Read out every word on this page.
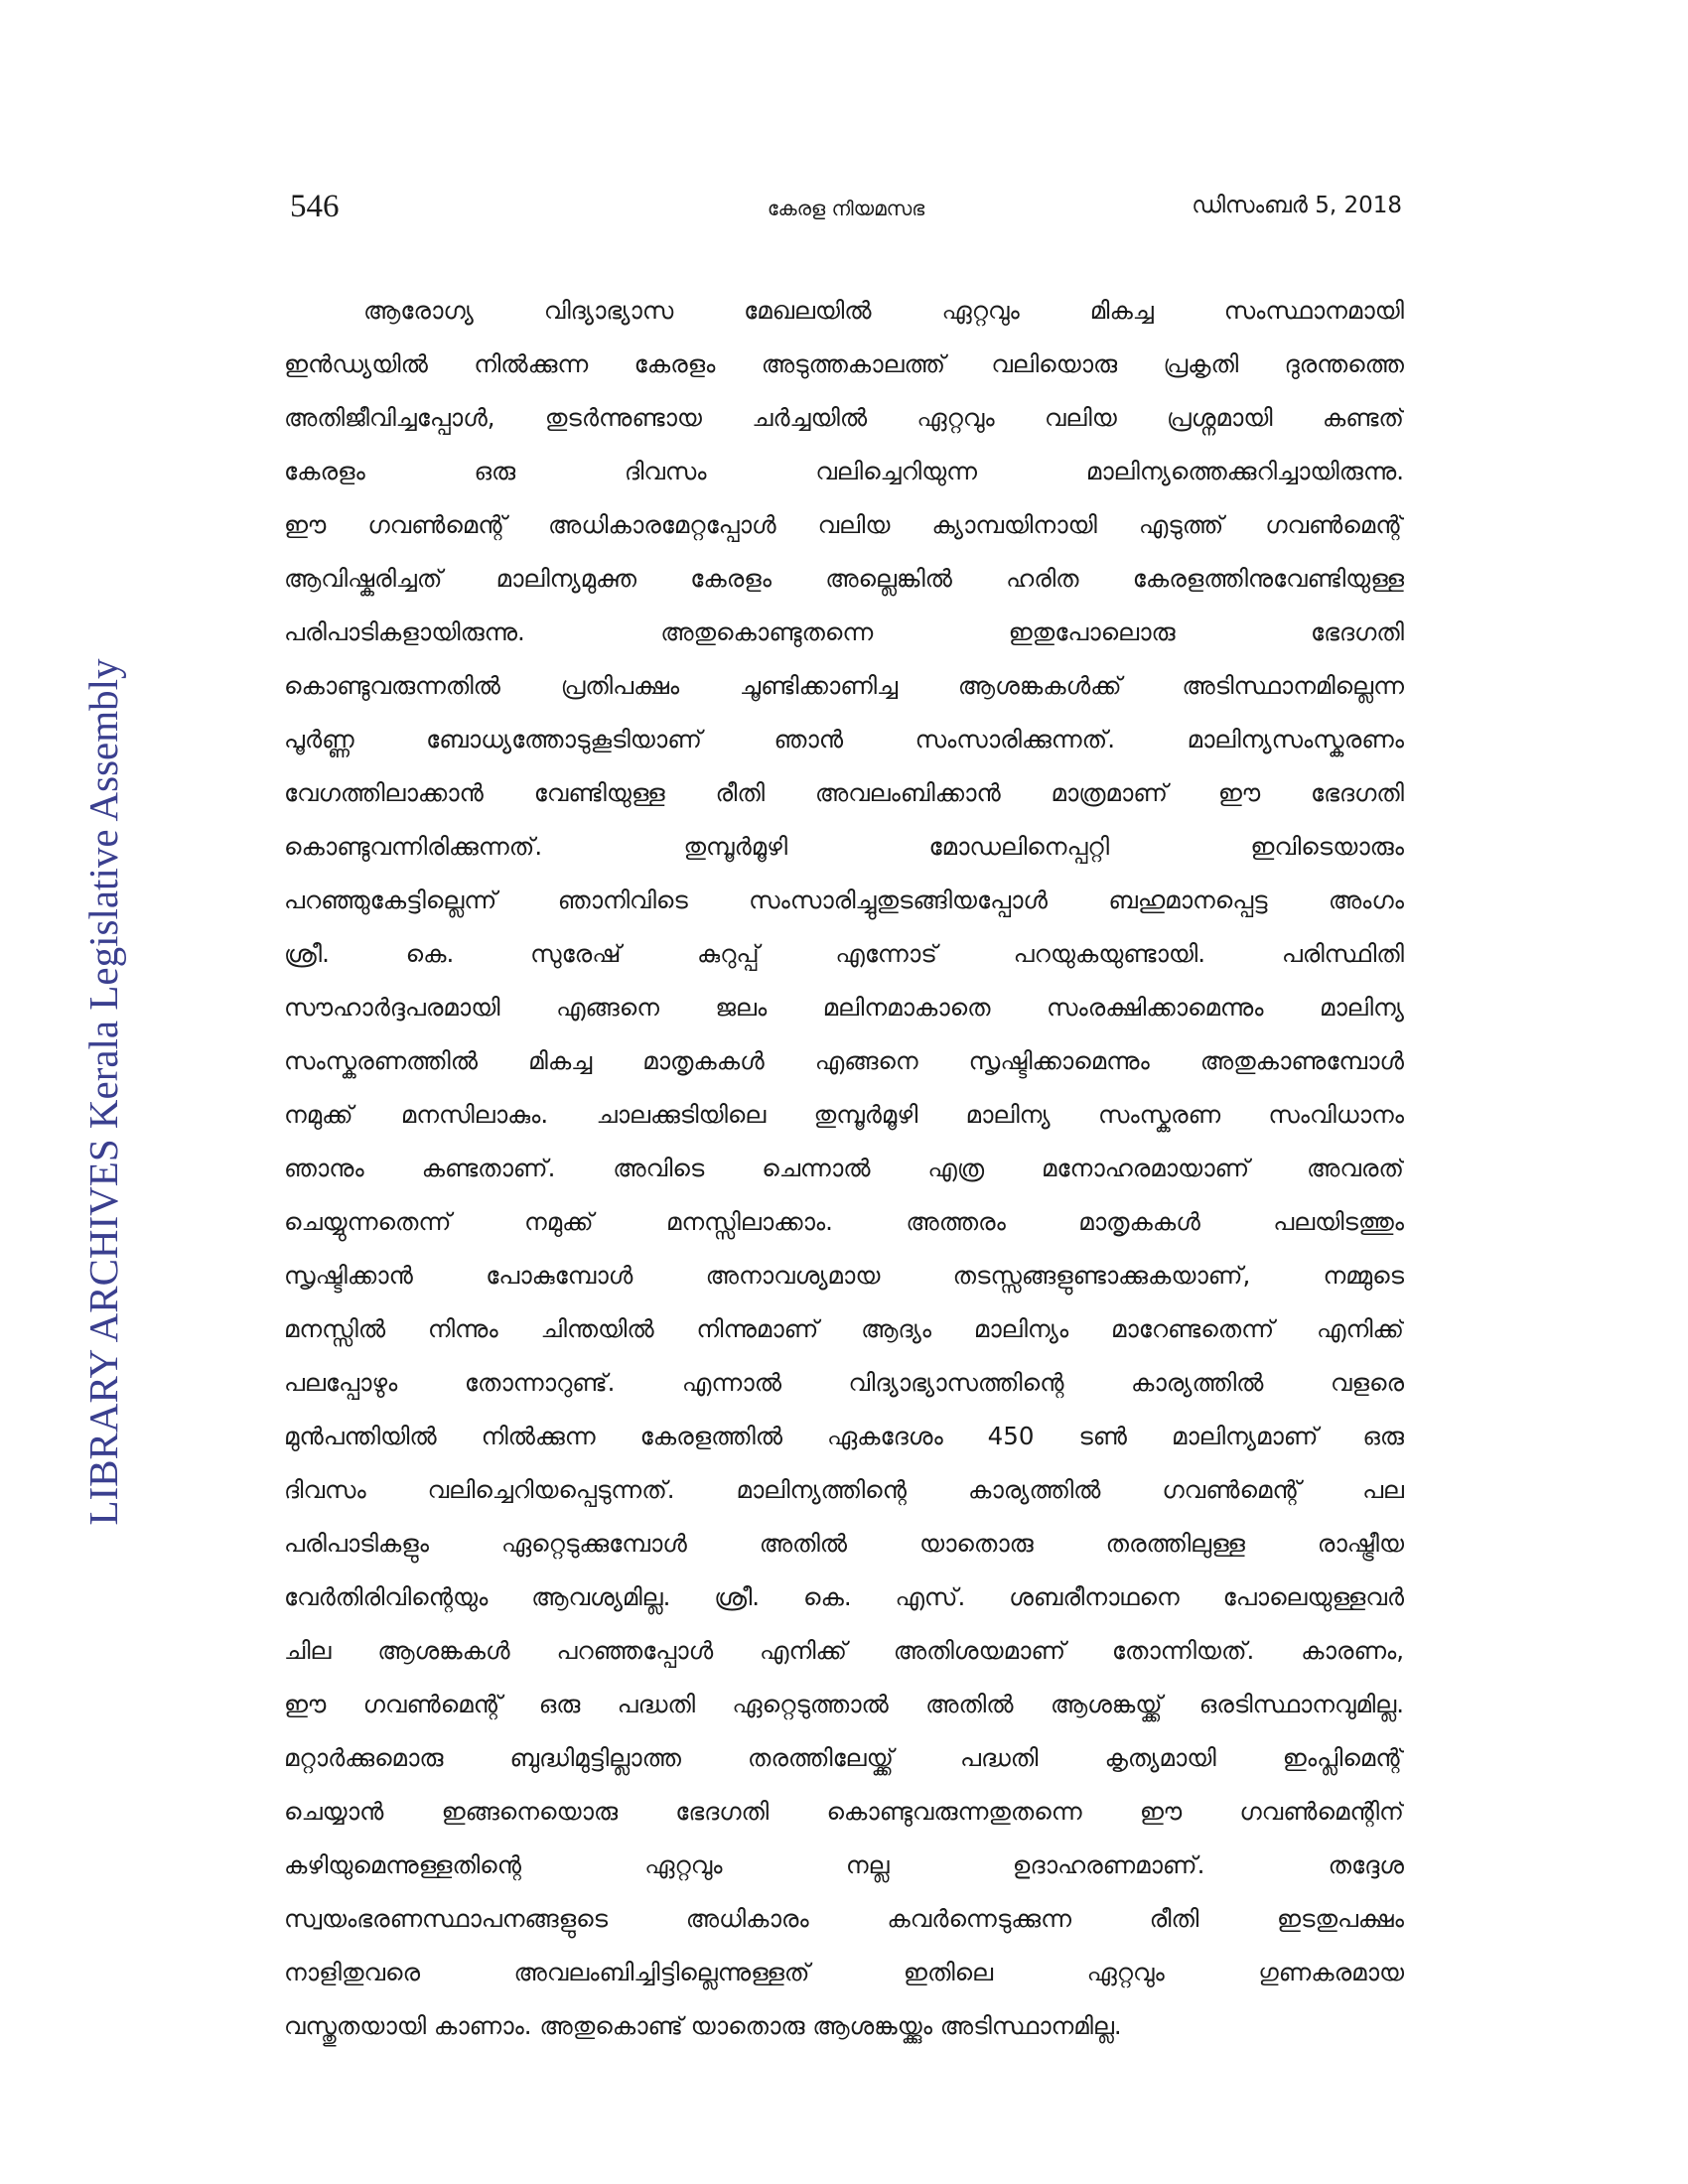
546	കേരള നിയമസഭ	ഡിസംബർ 5, 2018
LIBRARY ARCHIVES Kerala Legislative Assembly
ആരോഗ്യ വിദ്യാഭ്യാസ മേഖലയിൽ ഏറ്റവും മികച്ച സംസ്ഥാനമായി
ഇൻഡ്യയിൽ നിൽക്കുന്ന കേരളം അടുത്തകാലത്ത് വലിയൊരു പ്രകൃതി ദുരന്തത്തെ
അതിജീവിച്ചപ്പോൾ, തുടർന്നുണ്ടായ ചർച്ചയിൽ ഏറ്റവും വലിയ പ്രശ്നമായി കണ്ടത്
കേരളം ഒരു ദിവസം വലിച്ചെറിയുന്ന മാലിന്യത്തെക്കുറിച്ചായിരുന്നു.
ഈ ഗവൺമെന്റ് അധികാരമേറ്റപ്പോൾ വലിയ ക്യാമ്പയിനായി എടുത്ത് ഗവൺമെന്റ്
ആവിഷ്കരിച്ചത് മാലിന്യമുക്ത കേരളം അല്ലെങ്കിൽ ഹരിത കേരളത്തിനുവേണ്ടിയുള്ള
പരിപാടികളായിരുന്നു. അതുകൊണ്ടുതന്നെ ഇതുപോലൊരു ഭേദഗതി
കൊണ്ടുവരുന്നതിൽ പ്രതിപക്ഷം ചൂണ്ടിക്കാണിച്ച ആശങ്കകൾക്ക് അടിസ്ഥാനമില്ലെന്ന
പൂർണ്ണ ബോധ്യത്തോടുകൂടിയാണ് ഞാൻ സംസാരിക്കുന്നത്. മാലിന്യസംസ്കരണം
വേഗത്തിലാക്കാൻ വേണ്ടിയുള്ള രീതി അവലംബിക്കാൻ മാത്രമാണ് ഈ ഭേദഗതി
കൊണ്ടുവന്നിരിക്കുന്നത്. തുമ്പൂർമൂഴി മോഡലിനെപ്പറ്റി ഇവിടെയാരും
പറഞ്ഞുകേട്ടില്ലെന്ന് ഞാനിവിടെ സംസാരിച്ചുതുടങ്ങിയപ്പോൾ ബഹുമാനപ്പെട്ട അംഗം
ശ്രീ. കെ. സുരേഷ് കുറുപ്പ് എന്നോട് പറയുകയുണ്ടായി. പരിസ്ഥിതി
സൗഹാർദ്ദപരമായി എങ്ങനെ ജലം മലിനമാകാതെ സംരക്ഷിക്കാമെന്നും മാലിന്യ
സംസ്കരണത്തിൽ മികച്ച മാതൃകകൾ എങ്ങനെ സൃഷ്ടിക്കാമെന്നും അതുകാണുമ്പോൾ
നമുക്ക് മനസിലാകും. ചാലക്കുടിയിലെ തുമ്പൂർമൂഴി മാലിന്യ സംസ്കരണ സംവിധാനം
ഞാനും കണ്ടതാണ്. അവിടെ ചെന്നാൽ എത്ര മനോഹരമായാണ് അവരത്
ചെയ്യുന്നതെന്ന് നമുക്ക് മനസ്സിലാക്കാം. അത്തരം മാതൃകകൾ പലയിടത്തും
സൃഷ്ടിക്കാൻ പോകുമ്പോൾ അനാവശ്യമായ തടസ്സങ്ങളുണ്ടാക്കുകയാണ്, നമ്മുടെ
മനസ്സിൽ നിന്നും ചിന്തയിൽ നിന്നുമാണ് ആദ്യം മാലിന്യം മാറേണ്ടതെന്ന് എനിക്ക്
പലപ്പോഴും തോന്നാറുണ്ട്. എന്നാൽ വിദ്യാഭ്യാസത്തിന്റെ കാര്യത്തിൽ വളരെ
മുൻപന്തിയിൽ നിൽക്കുന്ന കേരളത്തിൽ ഏകദേശം 450 ടൺ മാലിന്യമാണ് ഒരു
ദിവസം വലിച്ചെറിയപ്പെടുന്നത്. മാലിന്യത്തിന്റെ കാര്യത്തിൽ ഗവൺമെന്റ് പല
പരിപാടികളും ഏറ്റെടുക്കുമ്പോൾ അതിൽ യാതൊരു തരത്തിലുള്ള രാഷ്ട്രീയ
വേർതിരിവിന്റെയും ആവശ്യമില്ല. ശ്രീ. കെ. എസ്. ശബരീനാഥനെ പോലെയുള്ളവർ
ചില ആശങ്കകൾ പറഞ്ഞപ്പോൾ എനിക്ക് അതിശയമാണ് തോന്നിയത്. കാരണം,
ഈ ഗവൺമെന്റ് ഒരു പദ്ധതി ഏറ്റെടുത്താൽ അതിൽ ആശങ്കയ്ക്ക് ഒരടിസ്ഥാനവുമില്ല.
മറ്റാർക്കുമൊരു ബുദ്ധിമുട്ടില്ലാത്ത തരത്തിലേയ്ക്ക് പദ്ധതി കൃത്യമായി ഇംപ്ലിമെന്റ്
ചെയ്യാൻ ഇങ്ങനെയൊരു ഭേദഗതി കൊണ്ടുവരുന്നതുതന്നെ ഈ ഗവൺമെന്റിന്
കഴിയുമെന്നുള്ളതിന്റെ ഏറ്റവും നല്ല ഉദാഹരണമാണ്. തദ്ദേശ
സ്വയംഭരണസ്ഥാപനങ്ങളുടെ അധികാരം കവർന്നെടുക്കുന്ന രീതി ഇടതുപക്ഷം
നാളിതുവരെ അവലംബിച്ചിട്ടില്ലെന്നുള്ളത് ഇതിലെ ഏറ്റവും ഗുണകരമായ
വസ്തുതയായി കാണാം. അതുകൊണ്ട് യാതൊരു ആശങ്കയ്ക്കും അടിസ്ഥാനമില്ല.
